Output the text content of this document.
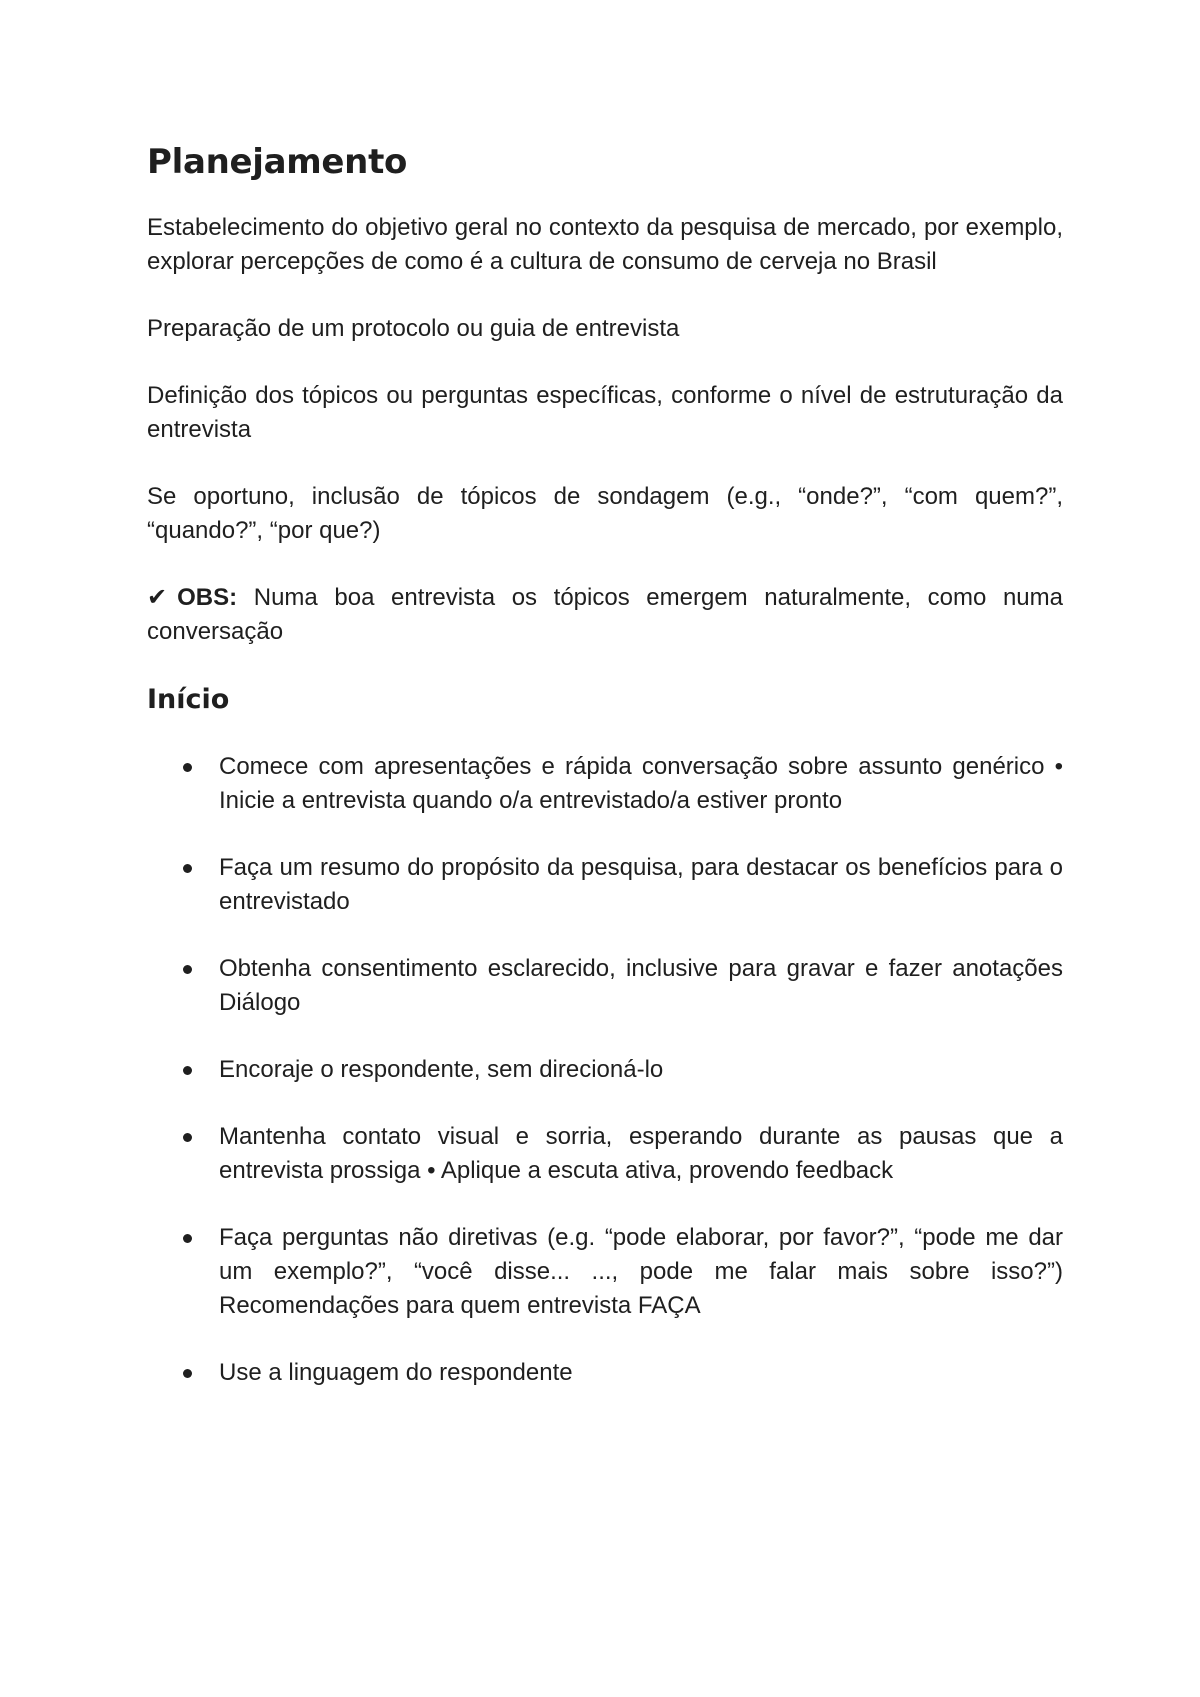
Planejamento

Estabelecimento do objetivo geral no contexto da pesquisa de mercado, por exemplo, explorar percepções de como é a cultura de consumo de cerveja no Brasil

Preparação de um protocolo ou guia de entrevista

Definição dos tópicos ou perguntas específicas, conforme o nível de estruturação da entrevista

Se oportuno, inclusão de tópicos de sondagem (e.g., “onde?”, “com quem?”, “quando?”, “por que?)

✔ OBS: Numa boa entrevista os tópicos emergem naturalmente, como numa conversação

Início
Comece com apresentações e rápida conversação sobre assunto genérico • Inicie a entrevista quando o/a entrevistado/a estiver pronto
Faça um resumo do propósito da pesquisa, para destacar os benefícios para o entrevistado
Obtenha consentimento esclarecido, inclusive para gravar e fazer anotações Diálogo
Encoraje o respondente, sem direcioná-lo
Mantenha contato visual e sorria, esperando durante as pausas que a entrevista prossiga • Aplique a escuta ativa, provendo feedback
Faça perguntas não diretivas (e.g. “pode elaborar, por favor?”, “pode me dar um exemplo?”, “você disse... ..., pode me falar mais sobre isso?”) Recomendações para quem entrevista FAÇA
Use a linguagem do respondente
